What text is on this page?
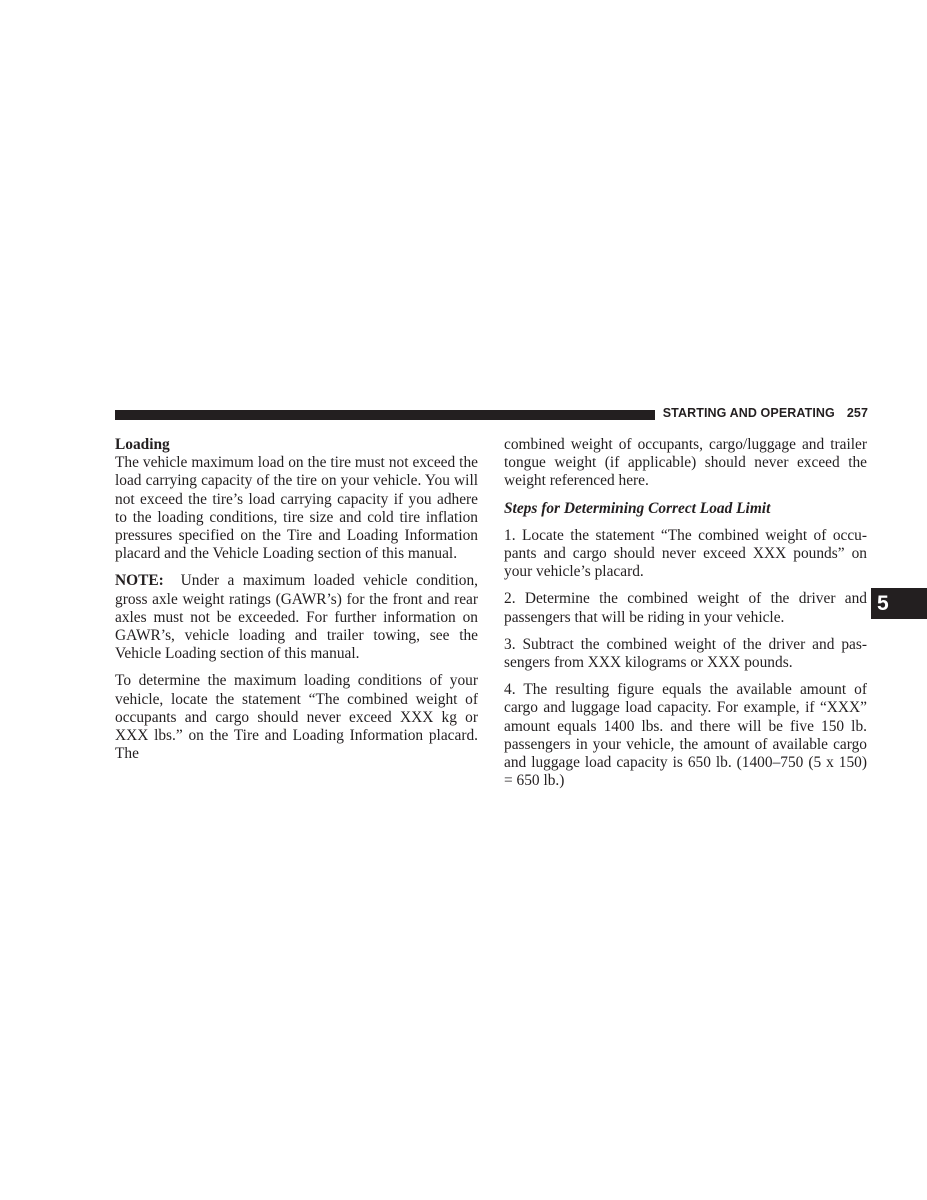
STARTING AND OPERATING 257
Loading

The vehicle maximum load on the tire must not exceed the load carrying capacity of the tire on your vehicle. You will not exceed the tire’s load carrying capacity if you adhere to the loading conditions, tire size and cold tire inflation pressures specified on the Tire and Loading Information placard and the Vehicle Loading section of this manual.

NOTE: Under a maximum loaded vehicle condition, gross axle weight ratings (GAWR’s) for the front and rear axles must not be exceeded. For further information on GAWR’s, vehicle loading and trailer towing, see the Vehicle Loading section of this manual.

To determine the maximum loading conditions of your vehicle, locate the statement “The combined weight of occupants and cargo should never exceed XXX kg or XXX lbs.” on the Tire and Loading Information placard. The

combined weight of occupants, cargo/luggage and trailer tongue weight (if applicable) should never exceed the weight referenced here.

Steps for Determining Correct Load Limit

1. Locate the statement “The combined weight of occu-pants and cargo should never exceed XXX pounds” on your vehicle’s placard.

2. Determine the combined weight of the driver and passengers that will be riding in your vehicle.

3. Subtract the combined weight of the driver and pas-sengers from XXX kilograms or XXX pounds.

4. The resulting figure equals the available amount of cargo and luggage load capacity. For example, if “XXX” amount equals 1400 lbs. and there will be five 150 lb. passengers in your vehicle, the amount of available cargo and luggage load capacity is 650 lb. (1400–750 (5 x 150) = 650 lb.)

5
